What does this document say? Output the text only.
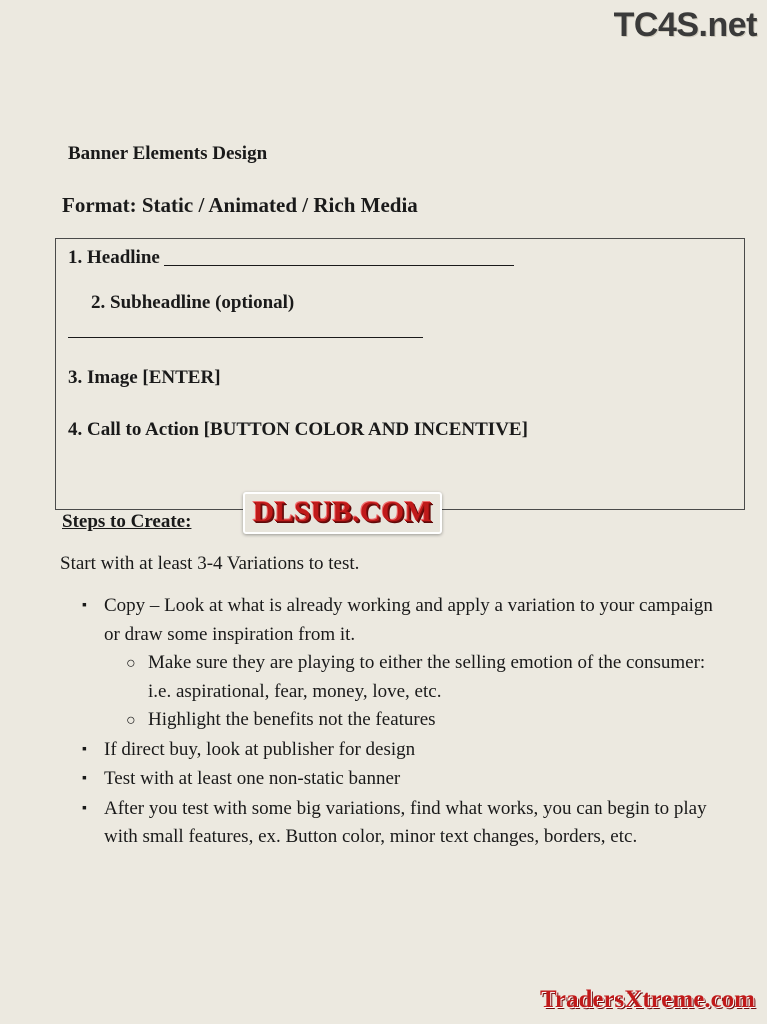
TC4S.net
Banner Elements Design
Format: Static / Animated / Rich Media
1. Headline
2. Subheadline (optional)
3. Image [ENTER]
4. Call to Action [BUTTON COLOR AND INCENTIVE]
DLSUB.COM
Steps to Create:
Start with at least 3-4 Variations to test.
▪ Copy – Look at what is already working and apply a variation to your campaign or draw some inspiration from it.
○ Make sure they are playing to either the selling emotion of the consumer: i.e. aspirational, fear, money, love, etc.
○ Highlight the benefits not the features
▪ If direct buy, look at publisher for design
▪ Test with at least one non-static banner
▪ After you test with some big variations, find what works, you can begin to play with small features, ex. Button color, minor text changes, borders, etc.
TradersXtreme.com
